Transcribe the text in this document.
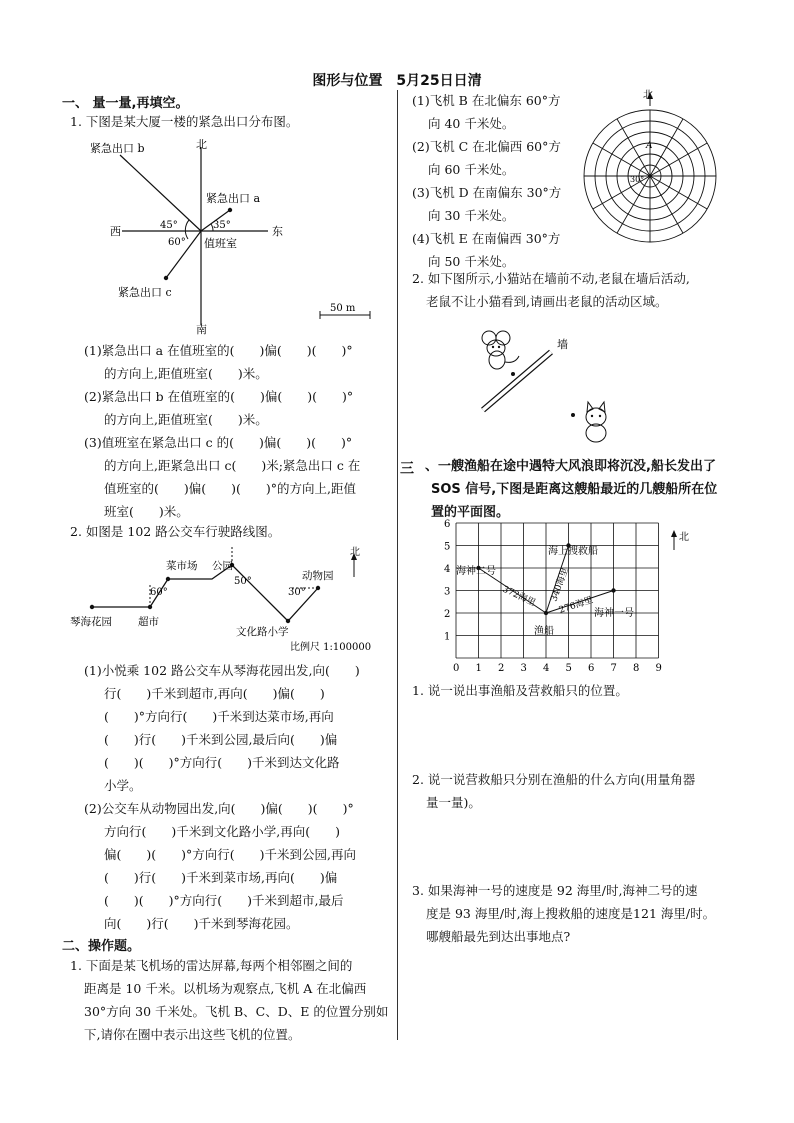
图形与位置　5月25日日清
一、 量一量,再填空。
1. 下图是某大厦一楼的紧急出口分布图。
北
南
东
西
紧急出口 b
紧急出口 a
紧急出口 c
值班室
45°	35°
60°
50 m
(1)紧急出口 a 在值班室的(　　)偏(　　)(　　)°
的方向上,距值班室(　　)米。
(2)紧急出口 b 在值班室的(　　)偏(　　)(　　)°
的方向上,距值班室(　　)米。
(3)值班室在紧急出口 c 的(　　)偏(　　)(　　)°
的方向上,距紧急出口 c(　　)米;紧急出口 c 在
值班室的(　　)偏(　　)(　　)°的方向上,距值
班室(　　)米。
2. 如图是 102 路公交车行驶路线图。
琴海花园 超市
菜市场 公园
文化路小学
动物园
60°
50°
30°
北
比例尺 1:100000
(1)小悦乘 102 路公交车从琴海花园出发,向(　　)
行(　　)千米到超市,再向(　　)偏(　　)
(　　)°方向行(　　)千米到达菜市场,再向
(　　)行(　　)千米到公园,最后向(　　)偏
(　　)(　　)°方向行(　　)千米到达文化路
小学。
(2)公交车从动物园出发,向(　　)偏(　　)(　　)°
方向行(　　)千米到文化路小学,再向(　　)
偏(　　)(　　)°方向行(　　)千米到公园,再向
(　　)行(　　)千米到菜市场,再向(　　)偏
(　　)(　　)°方向行(　　)千米到超市,最后
向(　　)行(　　)千米到琴海花园。
二、操作题。
1. 下面是某飞机场的雷达屏幕,每两个相邻圈之间的
距离是 10 千米。以机场为观察点,飞机 A 在北偏西
30°方向 30 千米处。飞机 B、C、D、E 的位置分别如
下,请你在圈中表示出这些飞机的位置。
(1)飞机 B 在北偏东 60°方
向 40 千米处。
(2)飞机 C 在北偏西 60°方
向 60 千米处。
(3)飞机 D 在南偏东 30°方
向 30 千米处。
(4)飞机 E 在南偏西 30°方
向 50 千米处。
北
A
30°
2. 如下图所示,小猫站在墙前不动,老鼠在墙后活动,
老鼠不让小猫看到,请画出老鼠的活动区域。
墙
三 、一艘渔船在途中遇特大风浪即将沉没,船长发出了
SOS 信号,下图是距离这艘船最近的几艘船所在位
置的平面图。
0 1 2 3 4 5 6 7 8 9
1
2
3
4
5
6
北
海神二号
海上搜救船
海神一号
渔船
372海里 340海里
276海里
1. 说一说出事渔船及营救船只的位置。
2. 说一说营救船只分别在渔船的什么方向(用量角器
量一量)。
3. 如果海神一号的速度是 92 海里/时,海神二号的速
度是 93 海里/时,海上搜救船的速度是121 海里/时。
哪艘船最先到达出事地点?
